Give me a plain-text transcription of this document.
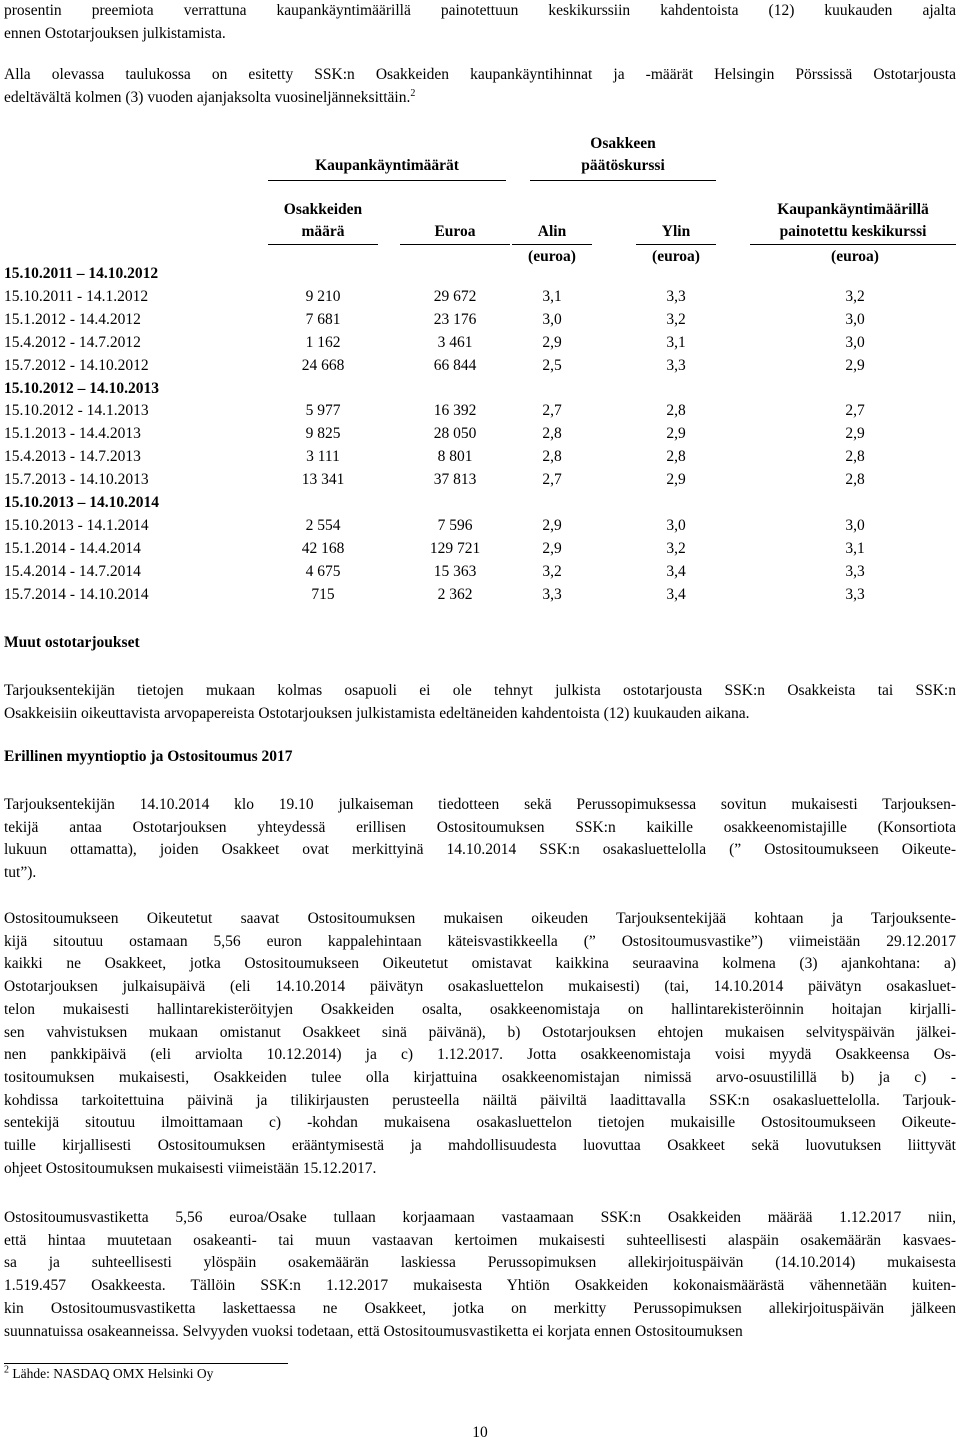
prosentin preemiota verrattuna kaupankäyntimäärillä painotettuun keskikurssiin kahdentoista (12) kuukauden ajalta
ennen Ostotarjouksen julkistamista.
Alla olevassa taulukossa on esitetty SSK:n Osakkeiden kaupankäyntihinnat ja -määrät Helsingin Pörssissä Ostotarjousta
edeltävältä kolmen (3) vuoden ajanjaksolta vuosineljänneksittäin.$^2$
Kaupankäyntimäärät
Osakkeen
päätöskurssi
Osakkeiden
määrä	Euroa	Alin	Ylin
Kaupankäyntimäärillä
painotettu keskikurssi
(euroa)	(euroa)	(euroa)
15.10.2011 – 14.10.2012
15.10.2011 - 14.1.2012	9 210	29 672	3,1	3,3	3,2
15.1.2012 - 14.4.2012	7 681	23 176	3,0	3,2	3,0
15.4.2012 - 14.7.2012	1 162	3 461	2,9	3,1	3,0
15.7.2012 - 14.10.2012	24 668	66 844	2,5	3,3	2,9
15.10.2012 – 14.10.2013
15.10.2012 - 14.1.2013	5 977	16 392	2,7	2,8	2,7
15.1.2013 - 14.4.2013	9 825	28 050	2,8	2,9	2,9
15.4.2013 - 14.7.2013	3 111	8 801	2,8	2,8	2,8
15.7.2013 - 14.10.2013	13 341	37 813	2,7	2,9	2,8
15.10.2013 – 14.10.2014
15.10.2013 - 14.1.2014	2 554	7 596	2,9	3,0	3,0
15.1.2014 - 14.4.2014	42 168	129 721	2,9	3,2	3,1
15.4.2014 - 14.7.2014	4 675	15 363	3,2	3,4	3,3
15.7.2014 - 14.10.2014	715	2 362	3,3	3,4	3,3
Muut ostotarjoukset
Tarjouksentekijän tietojen mukaan kolmas osapuoli ei ole tehnyt julkista ostotarjousta SSK:n Osakkeista tai SSK:n
Osakkeisiin oikeuttavista arvopapereista Ostotarjouksen julkistamista edeltäneiden kahdentoista (12) kuukauden aikana.
Erillinen myyntioptio ja Ostositoumus 2017
Tarjouksentekijän 14.10.2014 klo 19.10 julkaiseman tiedotteen sekä Perussopimuksessa sovitun mukaisesti Tarjouksen-
tekijä antaa Ostotarjouksen yhteydessä erillisen Ostositoumuksen SSK:n kaikille osakkeenomistajille (Konsortiota
lukuun ottamatta), joiden Osakkeet ovat merkittyinä 14.10.2014 SSK:n osakasluettelolla (” Ostositoumukseen Oikeute-
tut”).
Ostositoumukseen Oikeutetut saavat Ostositoumuksen mukaisen oikeuden Tarjouksentekijää kohtaan ja Tarjouksente-
kijä sitoutuu ostamaan 5,56 euron kappalehintaan käteisvastikkeella (” Ostositoumusvastike”) viimeistään 29.12.2017
kaikki ne Osakkeet, jotka Ostositoumukseen Oikeutetut omistavat kaikkina seuraavina kolmena (3) ajankohtana: a)
Ostotarjouksen julkaisupäivä (eli 14.10.2014 päivätyn osakasluettelon mukaisesti) (tai, 14.10.2014 päivätyn osakasluet-
telon mukaisesti hallintarekisteröityjen Osakkeiden osalta, osakkeenomistaja on hallintarekisteröinnin hoitajan kirjalli-
sen vahvistuksen mukaan omistanut Osakkeet sinä päivänä), b) Ostotarjouksen ehtojen mukaisen selvityspäivän jälkei-
nen pankkipäivä (eli arviolta 10.12.2014) ja c) 1.12.2017. Jotta osakkeenomistaja voisi myydä Osakkeensa Os-
tositoumuksen mukaisesti, Osakkeiden tulee olla kirjattuina osakkeenomistajan nimissä arvo-osuustilillä b) ja c) -
kohdissa tarkoitettuina päivinä ja tilikirjausten perusteella näiltä päiviltä laadittavalla SSK:n osakasluettelolla. Tarjouk-
sentekijä sitoutuu ilmoittamaan c) -kohdan mukaisena osakasluettelon tietojen mukaisille Ostositoumukseen Oikeute-
tuille kirjallisesti Ostositoumuksen erääntymisestä ja mahdollisuudesta luovuttaa Osakkeet sekä luovutuksen liittyvät
ohjeet Ostositoumuksen mukaisesti viimeistään 15.12.2017.
Ostositoumusvastiketta 5,56 euroa/Osake tullaan korjaamaan vastaamaan SSK:n Osakkeiden määrää 1.12.2017 niin,
että hintaa muutetaan osakeanti- tai muun vastaavan kertoimen mukaisesti suhteellisesti alaspäin osakemäärän kasvaes-
sa ja suhteellisesti ylöspäin osakemäärän laskiessa Perussopimuksen allekirjoituspäivän (14.10.2014) mukaisesta
1.519.457 Osakkeesta. Tällöin SSK:n 1.12.2017 mukaisesta Yhtiön Osakkeiden kokonaismäärästä vähennetään kuiten-
kin Ostositoumusvastiketta laskettaessa ne Osakkeet, jotka on merkitty Perussopimuksen allekirjoituspäivän jälkeen
suunnatuissa osakeanneissa. Selvyyden vuoksi todetaan, että Ostositoumusvastiketta ei korjata ennen Ostositoumuksen
$^2$ Lähde: NASDAQ OMX Helsinki Oy
10
